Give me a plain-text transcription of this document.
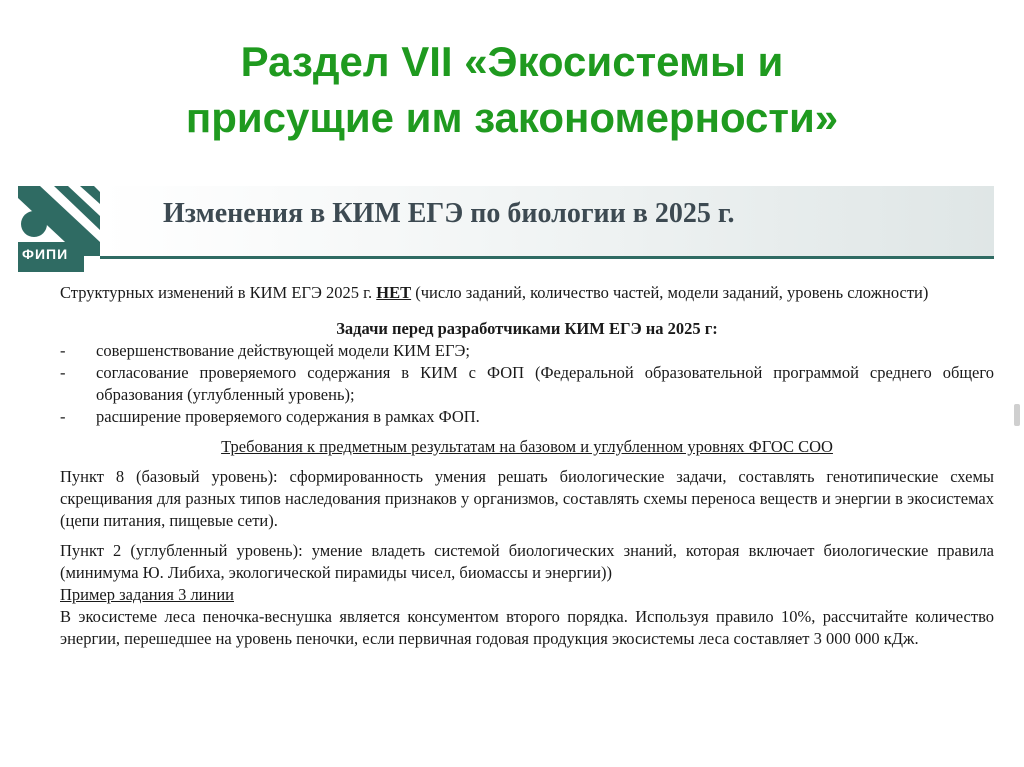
Раздел VII «Экосистемы и
присущие им закономерности»
ФИПИ
Изменения в КИМ ЕГЭ по биологии в 2025 г.

Структурных изменений в КИМ ЕГЭ 2025 г. НЕТ (число заданий, количество частей, модели заданий, уровень сложности)

Задачи перед разработчиками КИМ ЕГЭ на 2025 г:

-	совершенствование действующей модели КИМ ЕГЭ;
-	согласование проверяемого содержания в КИМ с ФОП (Федеральной образовательной программой среднего общего образования (углубленный уровень);
-	расширение проверяемого содержания в рамках ФОП.

Требования к предметным результатам на базовом и углубленном уровнях ФГОС СОО

Пункт 8 (базовый уровень): сформированность умения решать биологические задачи, составлять генотипические схемы скрещивания для разных типов наследования признаков у организмов, составлять схемы переноса веществ и энергии в экосистемах (цепи питания, пищевые сети).

Пункт 2 (углубленный уровень): умение владеть системой биологических знаний, которая включает биологические правила (минимума Ю. Либиха, экологической пирамиды чисел, биомассы и энергии))

Пример задания 3 линии

В экосистеме леса пеночка-веснушка является консументом второго порядка. Используя правило 10%, рассчитайте количество энергии, перешедшее на уровень пеночки, если первичная годовая продукция экосистемы леса составляет 3 000 000 кДж.
